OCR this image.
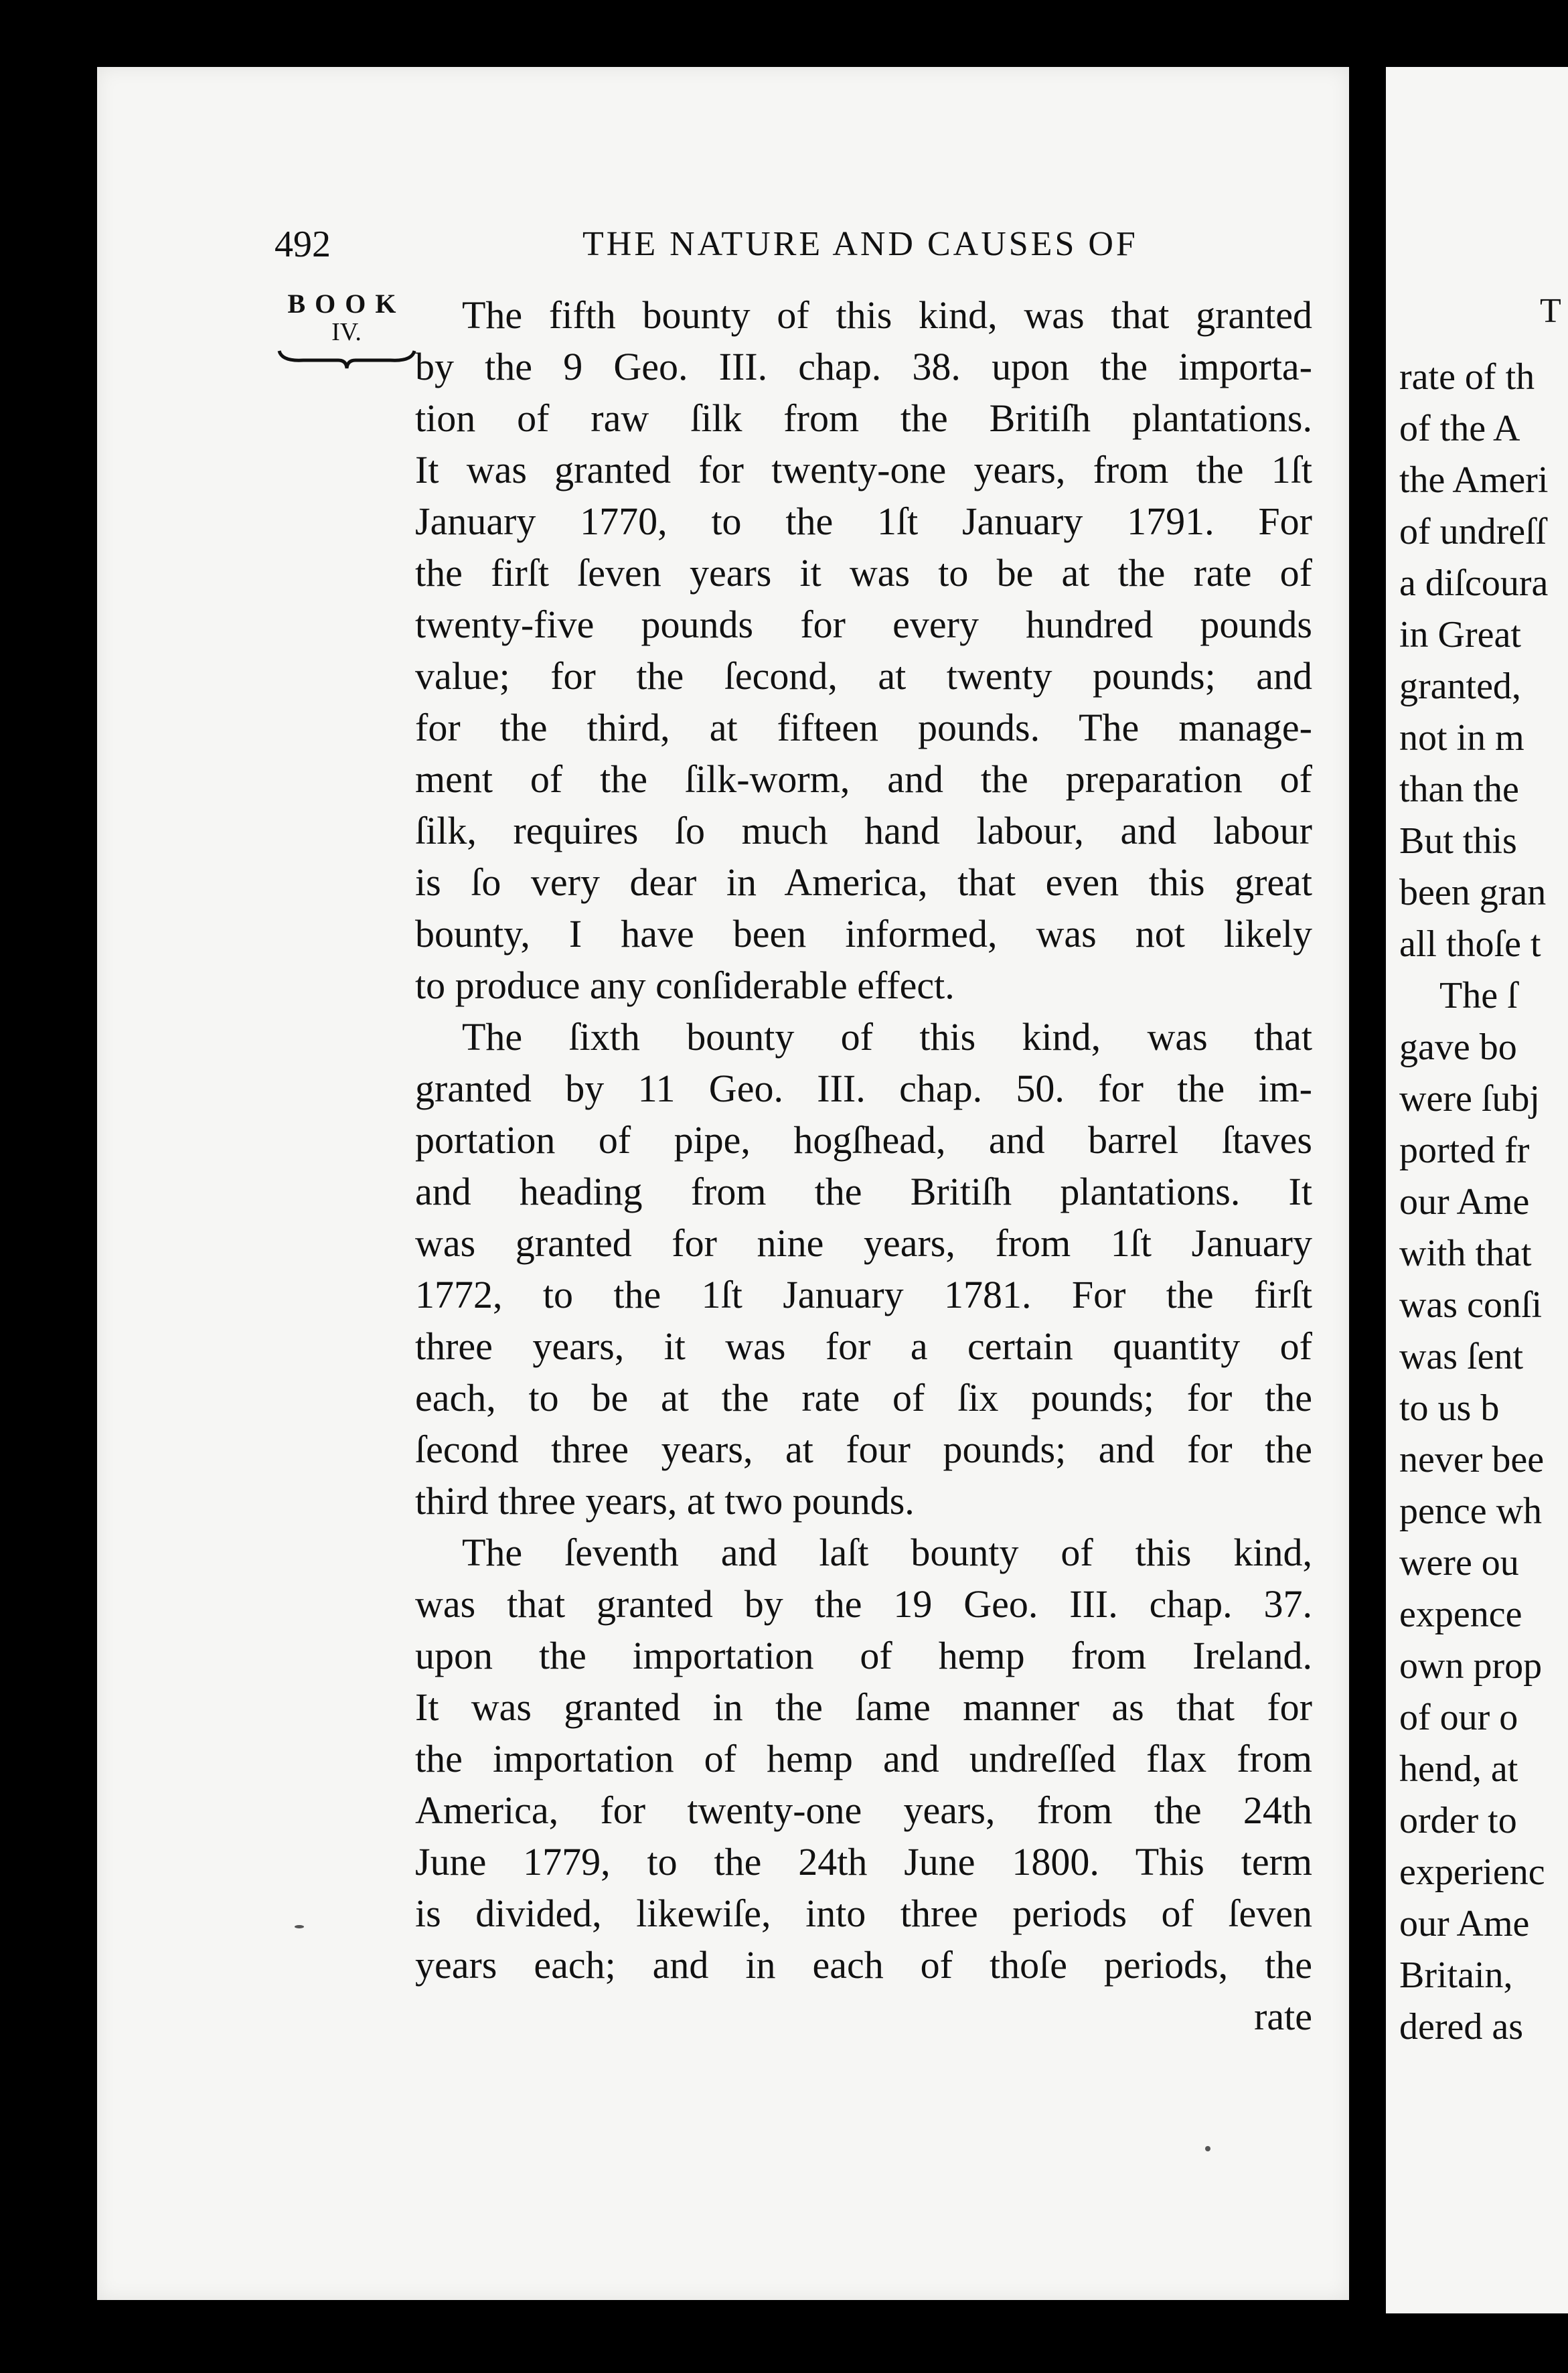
T
rate of th
of the A
the Ameri
of undreſſ
a diſcoura
in Great
granted,
not in m
than the
But this
been gran
all thoſe t
The ſ
gave bo
were ſubj
ported fr
our Ame
with that
was conſi
was ſent
to us b
never bee
pence wh
were ou
expence
own prop
of our o
hend, at
order to
experienc
our Ame
Britain,
dered as
492	THE NATURE AND CAUSES OF
BOOK
IV.	The fifth bounty of this kind, was that granted
by the 9 Geo. III. chap. 38. upon the importa-
tion of raw ſilk from the Britiſh plantations.
It was granted for twenty-one years, from the 1ſt
January 1770, to the 1ſt January 1791. For
the firſt ſeven years it was to be at the rate of
twenty-five pounds for every hundred pounds
value; for the ſecond, at twenty pounds; and
for the third, at fifteen pounds. The manage-
ment of the ſilk-worm, and the preparation of
ſilk, requires ſo much hand labour, and labour
is ſo very dear in America, that even this great
bounty, I have been informed, was not likely
to produce any conſiderable effect.
The ſixth bounty of this kind, was that
granted by 11 Geo. III. chap. 50. for the im-
portation of pipe, hogſhead, and barrel ſtaves
and heading from the Britiſh plantations. It
was granted for nine years, from 1ſt January
1772, to the 1ſt January 1781. For the firſt
three years, it was for a certain quantity of
each, to be at the rate of ſix pounds; for the
ſecond three years, at four pounds; and for the
third three years, at two pounds.
The ſeventh and laſt bounty of this kind,
was that granted by the 19 Geo. III. chap. 37.
upon the importation of hemp from Ireland.
It was granted in the ſame manner as that for
the importation of hemp and undreſſed flax from
America, for twenty-one years, from the 24th
June 1779, to the 24th June 1800. This term
is divided, likewiſe, into three periods of ſeven
years each; and in each of thoſe periods, the
rate
